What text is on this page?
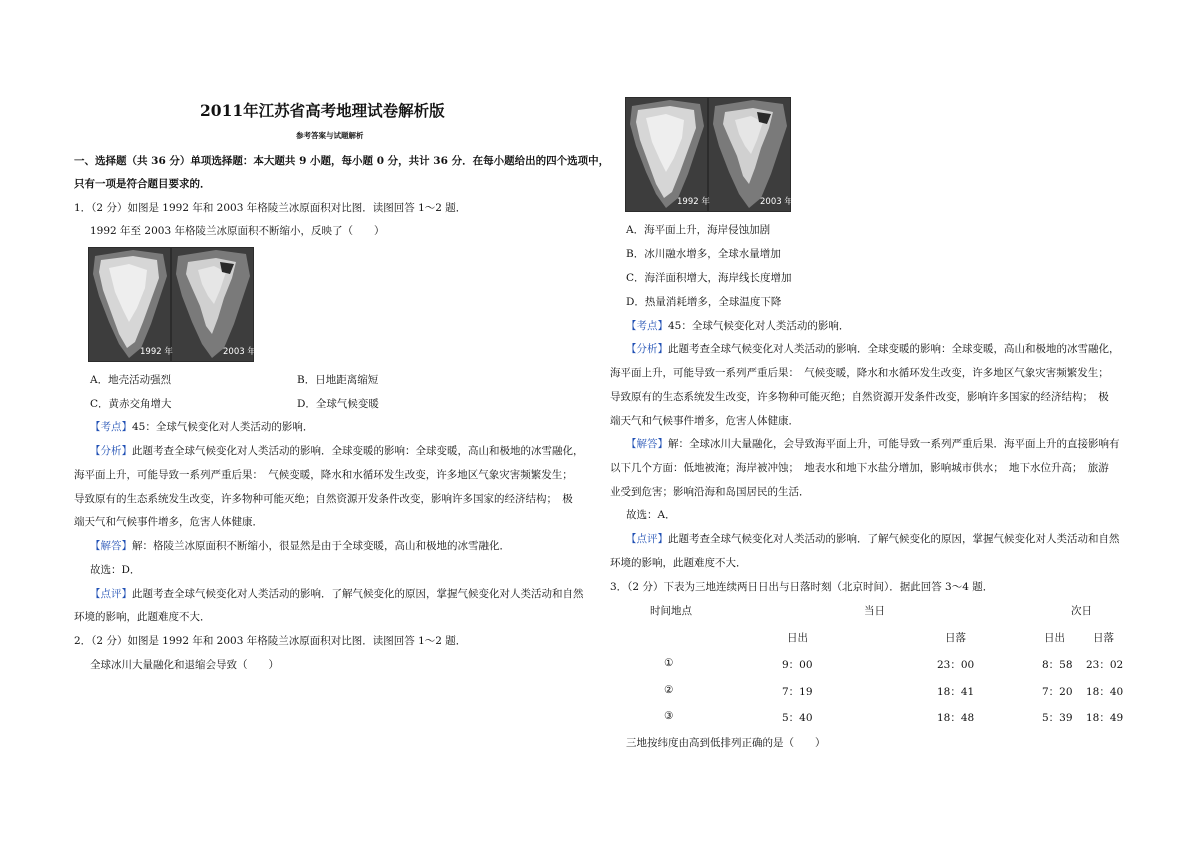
2011年江苏省高考地理试卷解析版
参考答案与试题解析
一、选择题（共 36 分）单项选择题：本大题共 9 小题，每小题 0 分，共计 36 分．在每小题给出的四个选项中，
只有一项是符合题目要求的．
1．（2 分）如图是 1992 年和 2003 年格陵兰冰原面积对比图．读图回答 1～2 题．
1992 年至 2003 年格陵兰冰原面积不断缩小，反映了（　　）
1992 年	2003 年
A．地壳活动强烈	B．日地距离缩短
C．黄赤交角增大	D．全球气候变暖
【考点】45：全球气候变化对人类活动的影响．
【分析】此题考查全球气候变化对人类活动的影响．全球变暖的影响：全球变暖，高山和极地的冰雪融化，
海平面上升，可能导致一系列严重后果：　气候变暖，降水和水循环发生改变，许多地区气象灾害频繁发生；
导致原有的生态系统发生改变，许多物种可能灭绝；自然资源开发条件改变，影响许多国家的经济结构；　极
端天气和气候事件增多，危害人体健康．
【解答】解：格陵兰冰原面积不断缩小，很显然是由于全球变暖，高山和极地的冰雪融化．
故选：D．
【点评】此题考查全球气候变化对人类活动的影响．了解气候变化的原因，掌握气候变化对人类活动和自然
环境的影响，此题难度不大．
2．（2 分）如图是 1992 年和 2003 年格陵兰冰原面积对比图．读图回答 1～2 题．
全球冰川大量融化和退缩会导致（　　）
1992 年	2003 年
A．海平面上升，海岸侵蚀加剧
B．冰川融水增多，全球水量增加
C．海洋面积增大，海岸线长度增加
D．热量消耗增多，全球温度下降
【考点】45：全球气候变化对人类活动的影响．
【分析】此题考查全球气候变化对人类活动的影响．全球变暖的影响：全球变暖，高山和极地的冰雪融化，
海平面上升，可能导致一系列严重后果：　气候变暖，降水和水循环发生改变，许多地区气象灾害频繁发生；
导致原有的生态系统发生改变，许多物种可能灭绝；自然资源开发条件改变，影响许多国家的经济结构；　极
端天气和气候事件增多，危害人体健康．
【解答】解：全球冰川大量融化，会导致海平面上升，可能导致一系列严重后果．海平面上升的直接影响有
以下几个方面：低地被淹；海岸被冲蚀；　地表水和地下水盐分增加，影响城市供水；　地下水位升高；　旅游
业受到危害；影响沿海和岛国居民的生活．
故选：A．
【点评】此题考查全球气候变化对人类活动的影响．了解气候变化的原因，掌握气候变化对人类活动和自然
环境的影响，此题难度不大．
3．（2 分）下表为三地连续两日日出与日落时刻（北京时间）．据此回答 3～4 题．
时间地点	当日	次日
日出	日落	日出	日落
①	9：00	23：00	8：58 23：02
②	7：19	18：41	7：20 18：40
③	5：40	18：48	5：39 18：49
三地按纬度由高到低排列正确的是（　　）
